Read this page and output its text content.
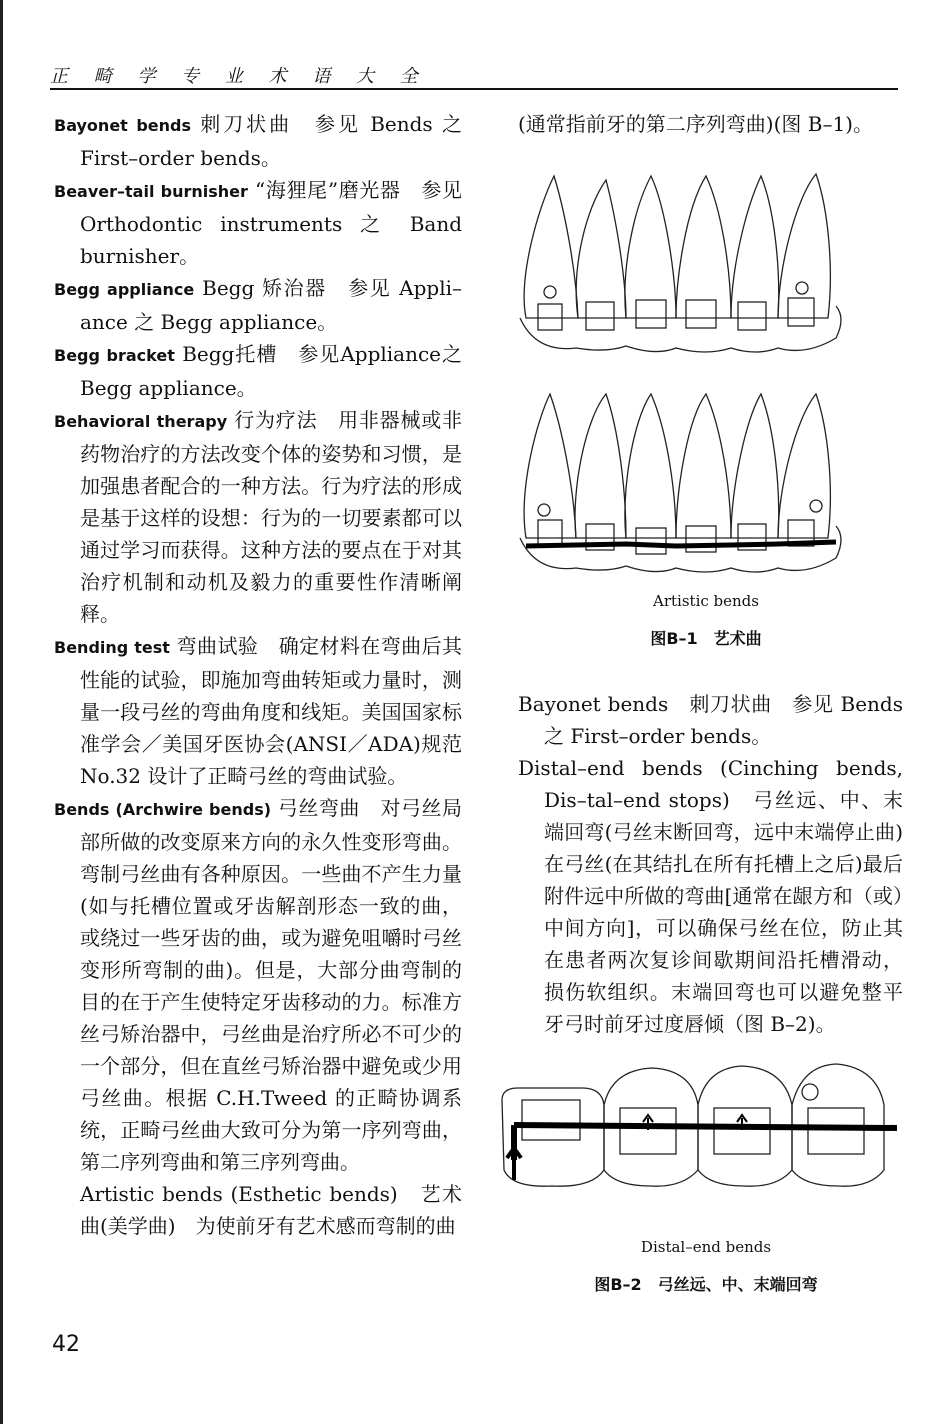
正 畸 学 专 业 术 语 大 全
Bayonet bends 刺刀状曲　参见 Bends 之 First–order bends。
Beaver–tail burnisher “海狸尾”磨光器　参见 Orthodontic instruments 之 Band burnisher。
Begg appliance Begg 矫治器　参见 Appli–ance 之 Begg appliance。
Begg bracket Begg托槽　参见Appliance之 Begg appliance。
Behavioral therapy 行为疗法　用非器械或非药物治疗的方法改变个体的姿势和习惯，是加强患者配合的一种方法。行为疗法的形成是基于这样的设想：行为的一切要素都可以通过学习而获得。这种方法的要点在于对其治疗机制和动机及毅力的重要性作清晰阐释。
Bending test 弯曲试验　确定材料在弯曲后其性能的试验，即施加弯曲转矩或力量时，测量一段弓丝的弯曲角度和线矩。美国国家标准学会／美国牙医协会(ANSI／ADA)规范 No.32 设计了正畸弓丝的弯曲试验。
Bends (Archwire bends) 弓丝弯曲　对弓丝局部所做的改变原来方向的永久性变形弯曲。弯制弓丝曲有各种原因。一些曲不产生力量(如与托槽位置或牙齿解剖形态一致的曲，或绕过一些牙齿的曲，或为避免咀嚼时弓丝变形所弯制的曲)。但是，大部分曲弯制的目的在于产生使特定牙齿移动的力。标准方丝弓矫治器中，弓丝曲是治疗所必不可少的一个部分，但在直丝弓矫治器中避免或少用弓丝曲。根据 C.H.Tweed 的正畸协调系统，正畸弓丝曲大致可分为第一序列弯曲，第二序列弯曲和第三序列弯曲。
Artistic bends (Esthetic bends)　艺术曲(美学曲)　为使前牙有艺术感而弯制的曲
(通常指前牙的第二序列弯曲)(图 B–1)。
Artistic bends
图B–1　艺术曲
Bayonet bends　刺刀状曲　参见 Bends 之 First–order bends。
Distal–end bends (Cinching bends, Dis–tal–end stops)　弓丝远、中、末端回弯(弓丝末断回弯，远中末端停止曲)　在弓丝(在其结扎在所有托槽上之后)最后附件远中所做的弯曲[通常在龈方和（或）中间方向]，可以确保弓丝在位，防止其在患者两次复诊间歇期间沿托槽滑动，损伤软组织。末端回弯也可以避免整平牙弓时前牙过度唇倾（图 B–2)。
Distal–end bends
图B–2　弓丝远、中、末端回弯
42
